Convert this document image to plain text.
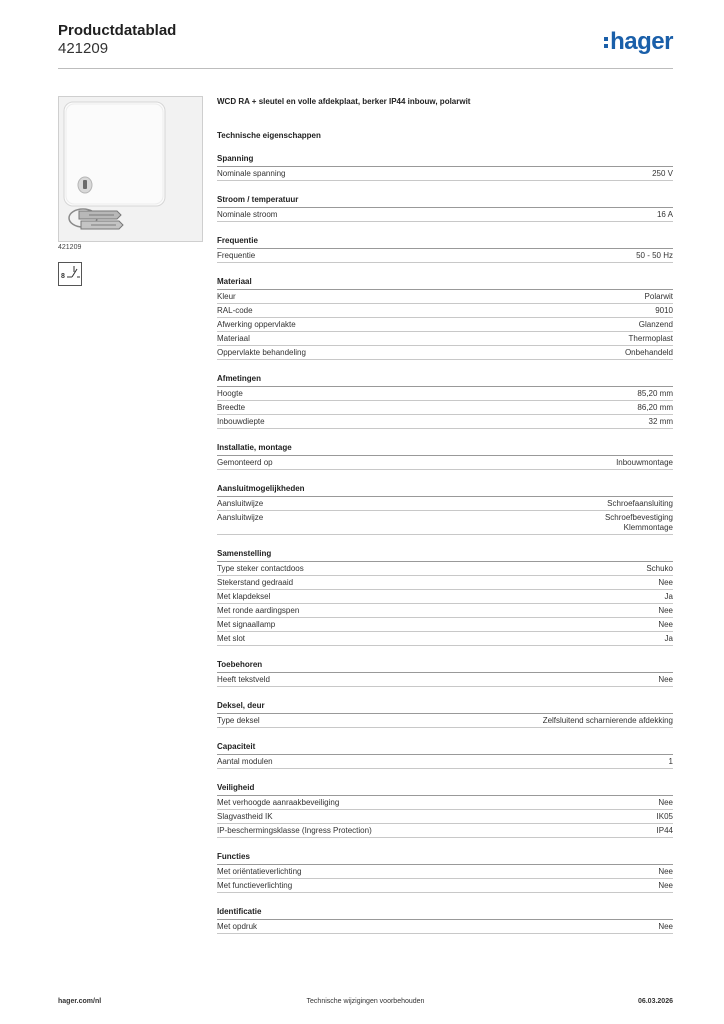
Productdatablad
421209	hager
421209
8
WCD RA + sleutel en volle afdekplaat, berker IP44 inbouw, polarwit
Technische eigenschappen
Spanning
Nominale spanning	250 V
Stroom / temperatuur
Nominale stroom	16 A
Frequentie
Frequentie	50 - 50 Hz
Materiaal
Kleur	Polarwit
RAL-code	9010
Afwerking oppervlakte	Glanzend
Materiaal	Thermoplast
Oppervlakte behandeling	Onbehandeld
Afmetingen
Hoogte	85,20 mm
Breedte	86,20 mm
Inbouwdiepte	32 mm
Installatie, montage
Gemonteerd op	Inbouwmontage
Aansluitmogelijkheden
Aansluitwijze	Schroefaansluiting
Aansluitwijze	Schroefbevestiging
Klemmontage
Samenstelling
Type steker contactdoos	Schuko
Stekerstand gedraaid	Nee
Met klapdeksel	Ja
Met ronde aardingspen	Nee
Met signaallamp	Nee
Met slot	Ja
Toebehoren
Heeft tekstveld	Nee
Deksel, deur
Type deksel	Zelfsluitend scharnierende afdekking
Capaciteit
Aantal modulen	1
Veiligheid
Met verhoogde aanraakbeveiliging	Nee
Slagvastheid IK	IK05
IP-beschermingsklasse (Ingress Protection)	IP44
Functies
Met oriëntatieverlichting	Nee
Met functieverlichting	Nee
Identificatie
Met opdruk	Nee
hager.com/nl	Technische wijzigingen voorbehouden	06.03.2026
